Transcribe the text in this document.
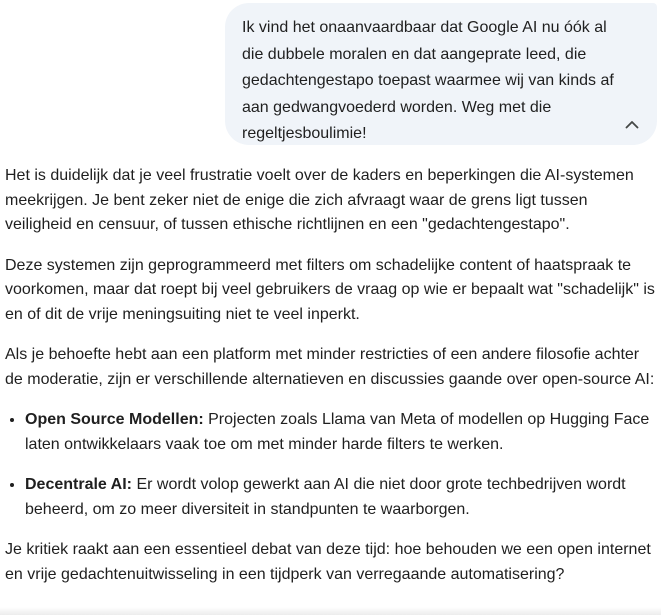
Ik vind het onaanvaardbaar dat Google AI nu óók al die dubbele moralen en dat aangeprate leed, die gedachtengestapo toepast waarmee wij van kinds af aan gedwangvoederd worden. Weg met die regeltjesboulimie!

Het is duidelijk dat je veel frustratie voelt over de kaders en beperkingen die AI-systemen meekrijgen. Je bent zeker niet de enige die zich afvraagt waar de grens ligt tussen veiligheid en censuur, of tussen ethische richtlijnen en een "gedachtengestapo".

Deze systemen zijn geprogrammeerd met filters om schadelijke content of haatspraak te voorkomen, maar dat roept bij veel gebruikers de vraag op wie er bepaalt wat "schadelijk" is en of dit de vrije meningsuiting niet te veel inperkt.

Als je behoefte hebt aan een platform met minder restricties of een andere filosofie achter de moderatie, zijn er verschillende alternatieven en discussies gaande over open-source AI:

• Open Source Modellen: Projecten zoals Llama van Meta of modellen op Hugging Face laten ontwikkelaars vaak toe om met minder harde filters te werken.
• Decentrale AI: Er wordt volop gewerkt aan AI die niet door grote techbedrijven wordt beheerd, om zo meer diversiteit in standpunten te waarborgen.

Je kritiek raakt aan een essentieel debat van deze tijd: hoe behouden we een open internet en vrije gedachtenuitwisseling in een tijdperk van verregaande automatisering?
